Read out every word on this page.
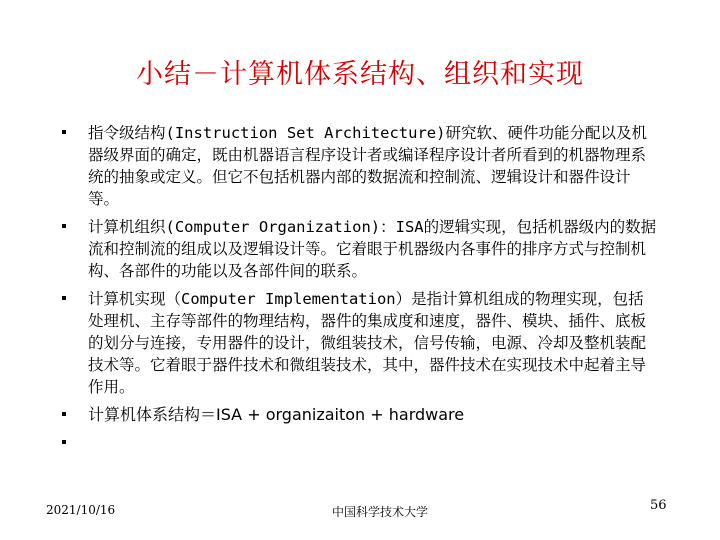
小结－计算机体系结构、组织和实现
指令级结构(Instruction Set Architecture)研究软、硬件功能分配以及机器级界面的确定，既由机器语言程序设计者或编译程序设计者所看到的机器物理系统的抽象或定义。但它不包括机器内部的数据流和控制流、逻辑设计和器件设计等。
计算机组织(Computer Organization)：ISA的逻辑实现，包括机器级内的数据流和控制流的组成以及逻辑设计等。它着眼于机器级内各事件的排序方式与控制机构、各部件的功能以及各部件间的联系。
计算机实现（Computer Implementation）是指计算机组成的物理实现，包括处理机、主存等部件的物理结构，器件的集成度和速度，器件、模块、插件、底板的划分与连接，专用器件的设计，微组装技术，信号传输，电源、冷却及整机装配技术等。它着眼于器件技术和微组装技术，其中，器件技术在实现技术中起着主导作用。
计算机体系结构＝ISA + organizaiton + hardware
2021/10/16	中国科学技术大学	56
